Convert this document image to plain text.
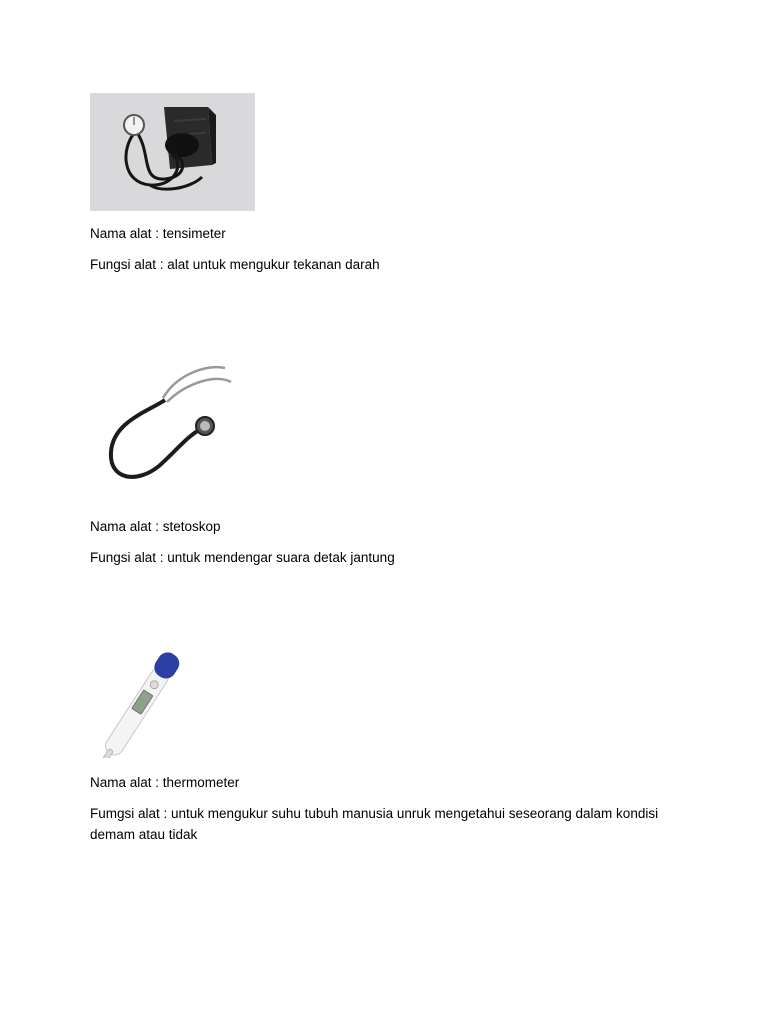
Nama alat : tensimeter

Fungsi alat : alat untuk mengukur tekanan darah

Nama alat : stetoskop

Fungsi alat : untuk mendengar suara detak jantung

Nama alat : thermometer

Fumgsi alat : untuk mengukur suhu tubuh manusia unruk mengetahui seseorang dalam kondisi demam atau tidak
